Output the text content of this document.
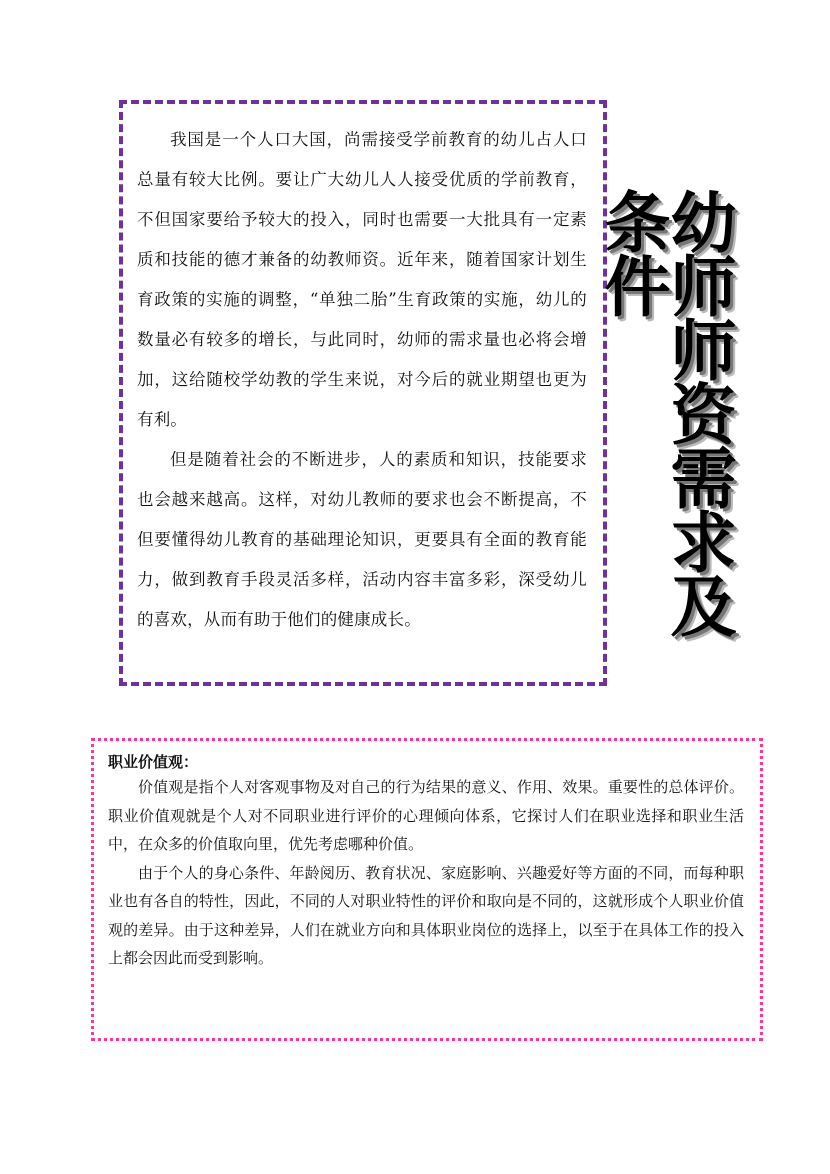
我国是一个人口大国，尚需接受学前教育的幼儿占人口总量有较大比例。要让广大幼儿人人接受优质的学前教育，不但国家要给予较大的投入，同时也需要一大批具有一定素质和技能的德才兼备的幼教师资。近年来，随着国家计划生育政策的实施的调整，“单独二胎”生育政策的实施，幼儿的数量必有较多的增长，与此同时，幼师的需求量也必将会增加，这给随校学幼教的学生来说，对今后的就业期望也更为有利。

但是随着社会的不断进步，人的素质和知识，技能要求也会越来越高。这样，对幼儿教师的要求也会不断提高，不但要懂得幼儿教育的基础理论知识，更要具有全面的教育能力，做到教育手段灵活多样，活动内容丰富多彩，深受幼儿的喜欢，从而有助于他们的健康成长。	幼师师资需求及条件
职业价值观：

价值观是指个人对客观事物及对自己的行为结果的意义、作用、效果。重要性的总体评价。职业价值观就是个人对不同职业进行评价的心理倾向体系，它探讨人们在职业选择和职业生活中，在众多的价值取向里，优先考虑哪种价值。

由于个人的身心条件、年龄阅历、教育状况、家庭影响、兴趣爱好等方面的不同，而每种职业也有各自的特性，因此，不同的人对职业特性的评价和取向是不同的，这就形成个人职业价值观的差异。由于这种差异，人们在就业方向和具体职业岗位的选择上，以至于在具体工作的投入上都会因此而受到影响。
